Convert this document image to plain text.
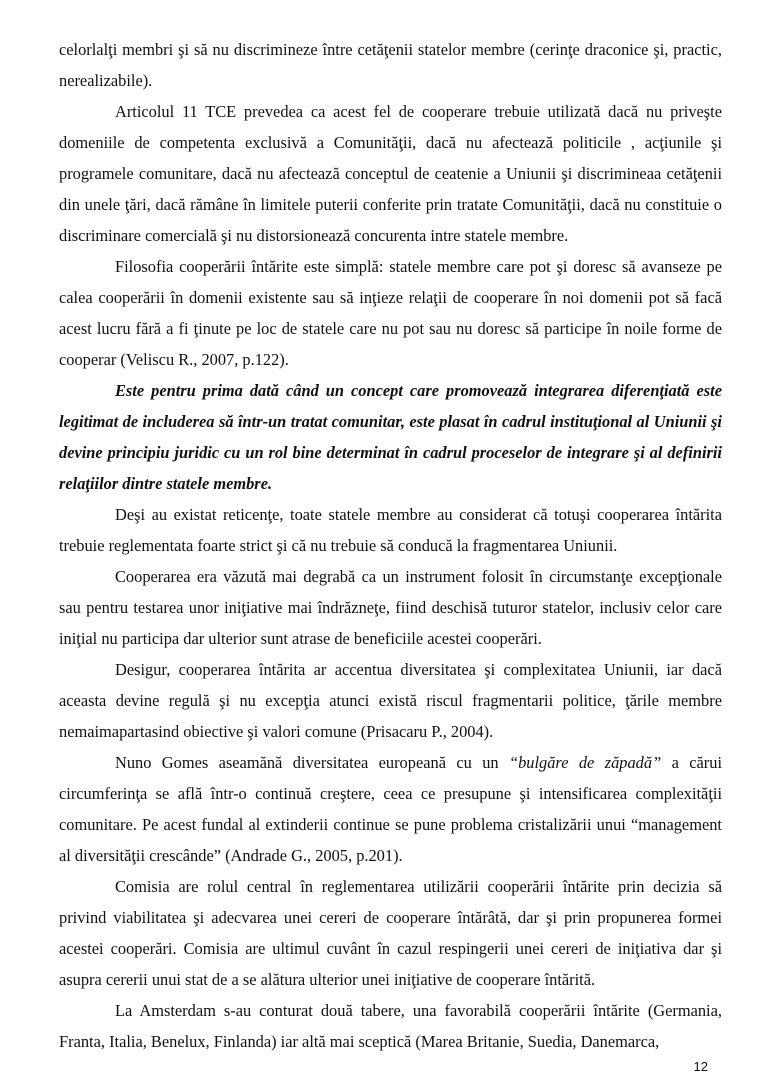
celorlalţi membri şi să nu discrimineze între cetăţenii statelor membre (cerinţe draconice şi, practic, nerealizabile).

Articolul 11 TCE prevedea ca acest fel de cooperare trebuie utilizată dacă nu priveşte domeniile de competenta exclusivă a Comunităţii, dacă nu afectează politicile , acţiunile şi programele comunitare, dacă nu afectează conceptul de ceatenie a Uniunii şi discrimineaa cetăţenii din unele ţări, dacă rămâne în limitele puterii conferite prin tratate Comunităţii, dacă nu constituie o discriminare comercială şi nu distorsionează concurenta intre statele membre.

Filosofia cooperării întărite este simplă: statele membre care pot şi doresc să avanseze pe calea cooperării în domenii existente sau să inţieze relaţii de cooperare în noi domenii pot să facă acest lucru fără a fi ţinute pe loc de statele care nu pot sau nu doresc să participe în noile forme de cooperar (Veliscu R., 2007, p.122).

Este pentru prima dată când un concept care promovează integrarea diferenţiată este legitimat de includerea să într-un tratat comunitar, este plasat în cadrul instituţional al Uniunii şi devine principiu juridic cu un rol bine determinat în cadrul proceselor de integrare şi al definirii relaţiilor dintre statele membre.

Deşi au existat reticenţe, toate statele membre au considerat că totuşi cooperarea întărita trebuie reglementata foarte strict şi că nu trebuie să conducă la fragmentarea Uniunii.

Cooperarea era văzută mai degrabă ca un instrument folosit în circumstanţe excepţionale sau pentru testarea unor iniţiative mai îndrăzneţe, fiind deschisă tuturor statelor, inclusiv celor care iniţial nu participa dar ulterior sunt atrase de beneficiile acestei cooperări.

Desigur, cooperarea întărita ar accentua diversitatea şi complexitatea Uniunii, iar dacă aceasta devine regulă şi nu excepţia atunci există riscul fragmentarii politice, ţările membre nemaimapartasind obiective şi valori comune (Prisacaru P., 2004).

Nuno Gomes aseamănă diversitatea europeană cu un “bulgăre de zăpadă” a cărui circumferinţa se află într-o continuă creştere, ceea ce presupune şi intensificarea complexităţii comunitare. Pe acest fundal al extinderii continue se pune problema cristalizării unui “management al diversităţii crescânde” (Andrade G., 2005, p.201).

Comisia are rolul central în reglementarea utilizării cooperării întărite prin decizia să privind viabilitatea şi adecvarea unei cereri de cooperare întărâtă, dar şi prin propunerea formei acestei cooperări. Comisia are ultimul cuvânt în cazul respingerii unei cereri de iniţiativa dar şi asupra cererii unui stat de a se alătura ulterior unei iniţiative de cooperare întărită.

La Amsterdam s-au conturat două tabere, una favorabilă cooperării întărite (Germania, Franta, Italia, Benelux, Finlanda) iar altă mai sceptică (Marea Britanie, Suedia, Danemarca,

12
